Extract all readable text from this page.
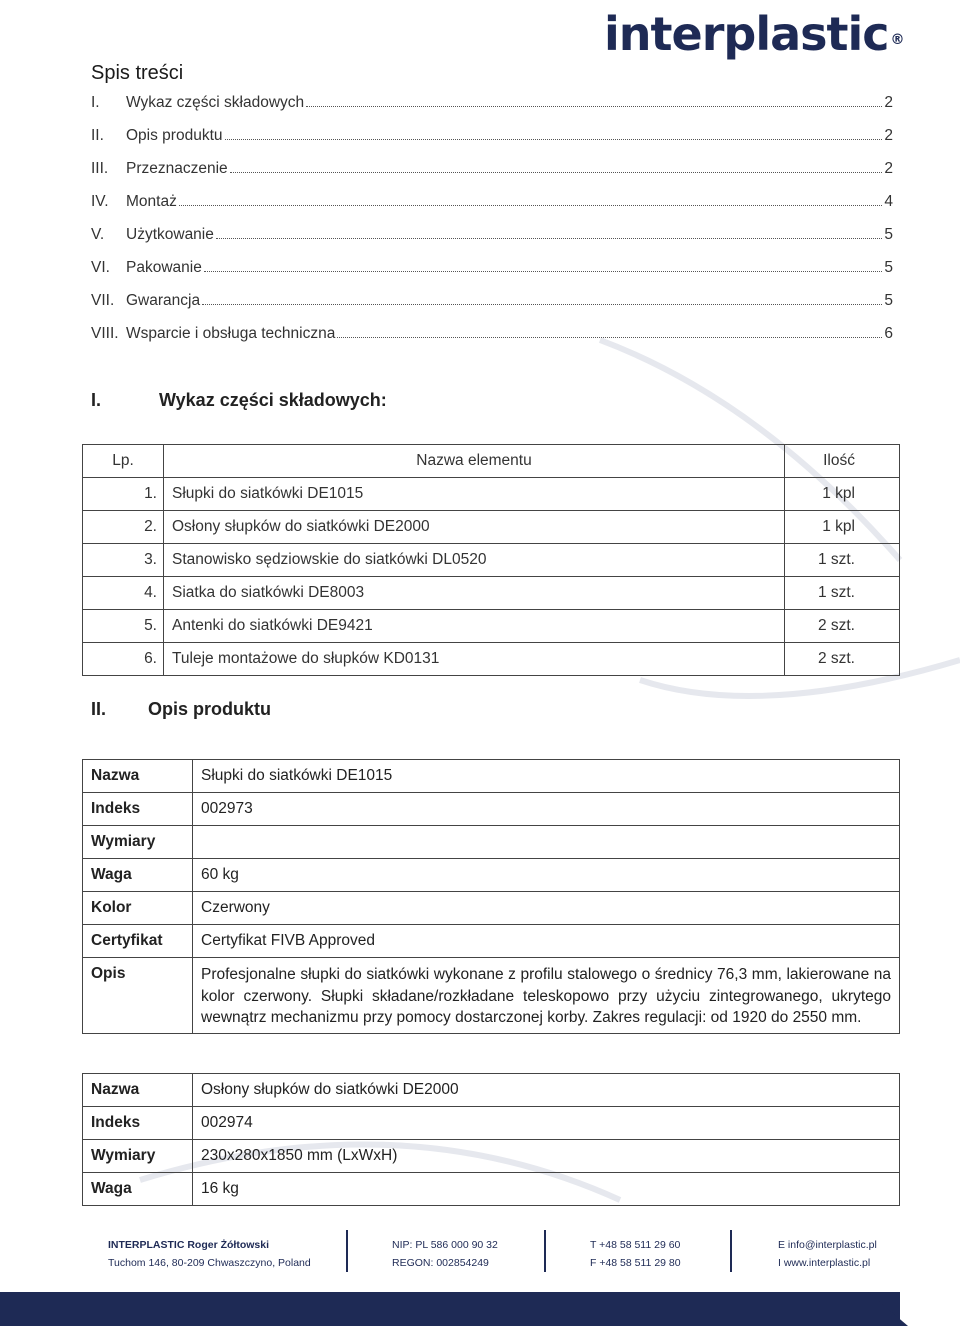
interplastic ®
Spis treści
I.	Wykaz części składowych	2
II.	Opis produktu	2
III.	Przeznaczenie	2
IV.	Montaż	4
V.	Użytkowanie	5
VI.	Pakowanie	5
VII. Gwarancja	5
VIII. Wsparcie i obsługa techniczna	6
I.	Wykaz części składowych:
Lp.	Nazwa elementu	Ilość
1.	Słupki do siatkówki DE1015	1 kpl
2.	Osłony słupków do siatkówki DE2000	1 kpl
3.	Stanowisko sędziowskie do siatkówki DL0520	1 szt.
4.	Siatka do siatkówki DE8003	1 szt.
5.	Antenki do siatkówki DE9421	2 szt.
6.	Tuleje montażowe do słupków KD0131	2 szt.
II. Opis produktu
Nazwa	Słupki do siatkówki DE1015
Indeks	002973
Wymiary	
Waga	60 kg
Kolor	Czerwony
Certyfikat	Certyfikat FIVB Approved
Opis	Profesjonalne słupki do siatkówki wykonane z profilu stalowego o średnicy 76,3 mm, lakierowane na kolor czerwony. Słupki składane/rozkładane teleskopowo przy użyciu zintegrowanego, ukrytego wewnątrz mechanizmu przy pomocy dostarczonej korby. Zakres regulacji: od 1920 do 2550 mm.
Nazwa	Osłony słupków do siatkówki DE2000
Indeks	002974
Wymiary	230x280x1850 mm (LxWxH)
Waga	16 kg
INTERPLASTIC Roger Żółtowski
Tuchom 146, 80-209 Chwaszczyno, Poland
NIP: PL 586 000 90 32
REGON: 002854249
T +48 58 511 29 60
F +48 58 511 29 80
E info@interplastic.pl
I www.interplastic.pl
